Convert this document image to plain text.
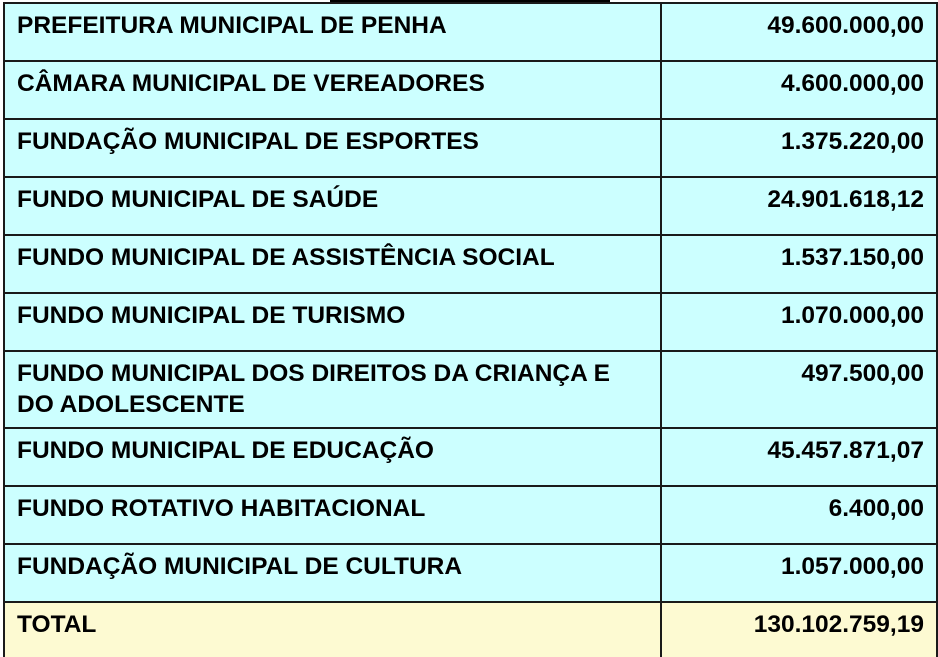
PREFEITURA MUNICIPAL DE PENHA	49.600.000,00
CÂMARA MUNICIPAL DE VEREADORES	4.600.000,00
FUNDAÇÃO MUNICIPAL DE ESPORTES	1.375.220,00
FUNDO MUNICIPAL DE SAÚDE	24.901.618,12
FUNDO MUNICIPAL DE ASSISTÊNCIA SOCIAL	1.537.150,00
FUNDO MUNICIPAL DE TURISMO	1.070.000,00
FUNDO MUNICIPAL DOS DIREITOS DA CRIANÇA E DO ADOLESCENTE	497.500,00
FUNDO MUNICIPAL DE EDUCAÇÃO	45.457.871,07
FUNDO ROTATIVO HABITACIONAL	6.400,00
FUNDAÇÃO MUNICIPAL DE CULTURA	1.057.000,00
TOTAL	130.102.759,19
